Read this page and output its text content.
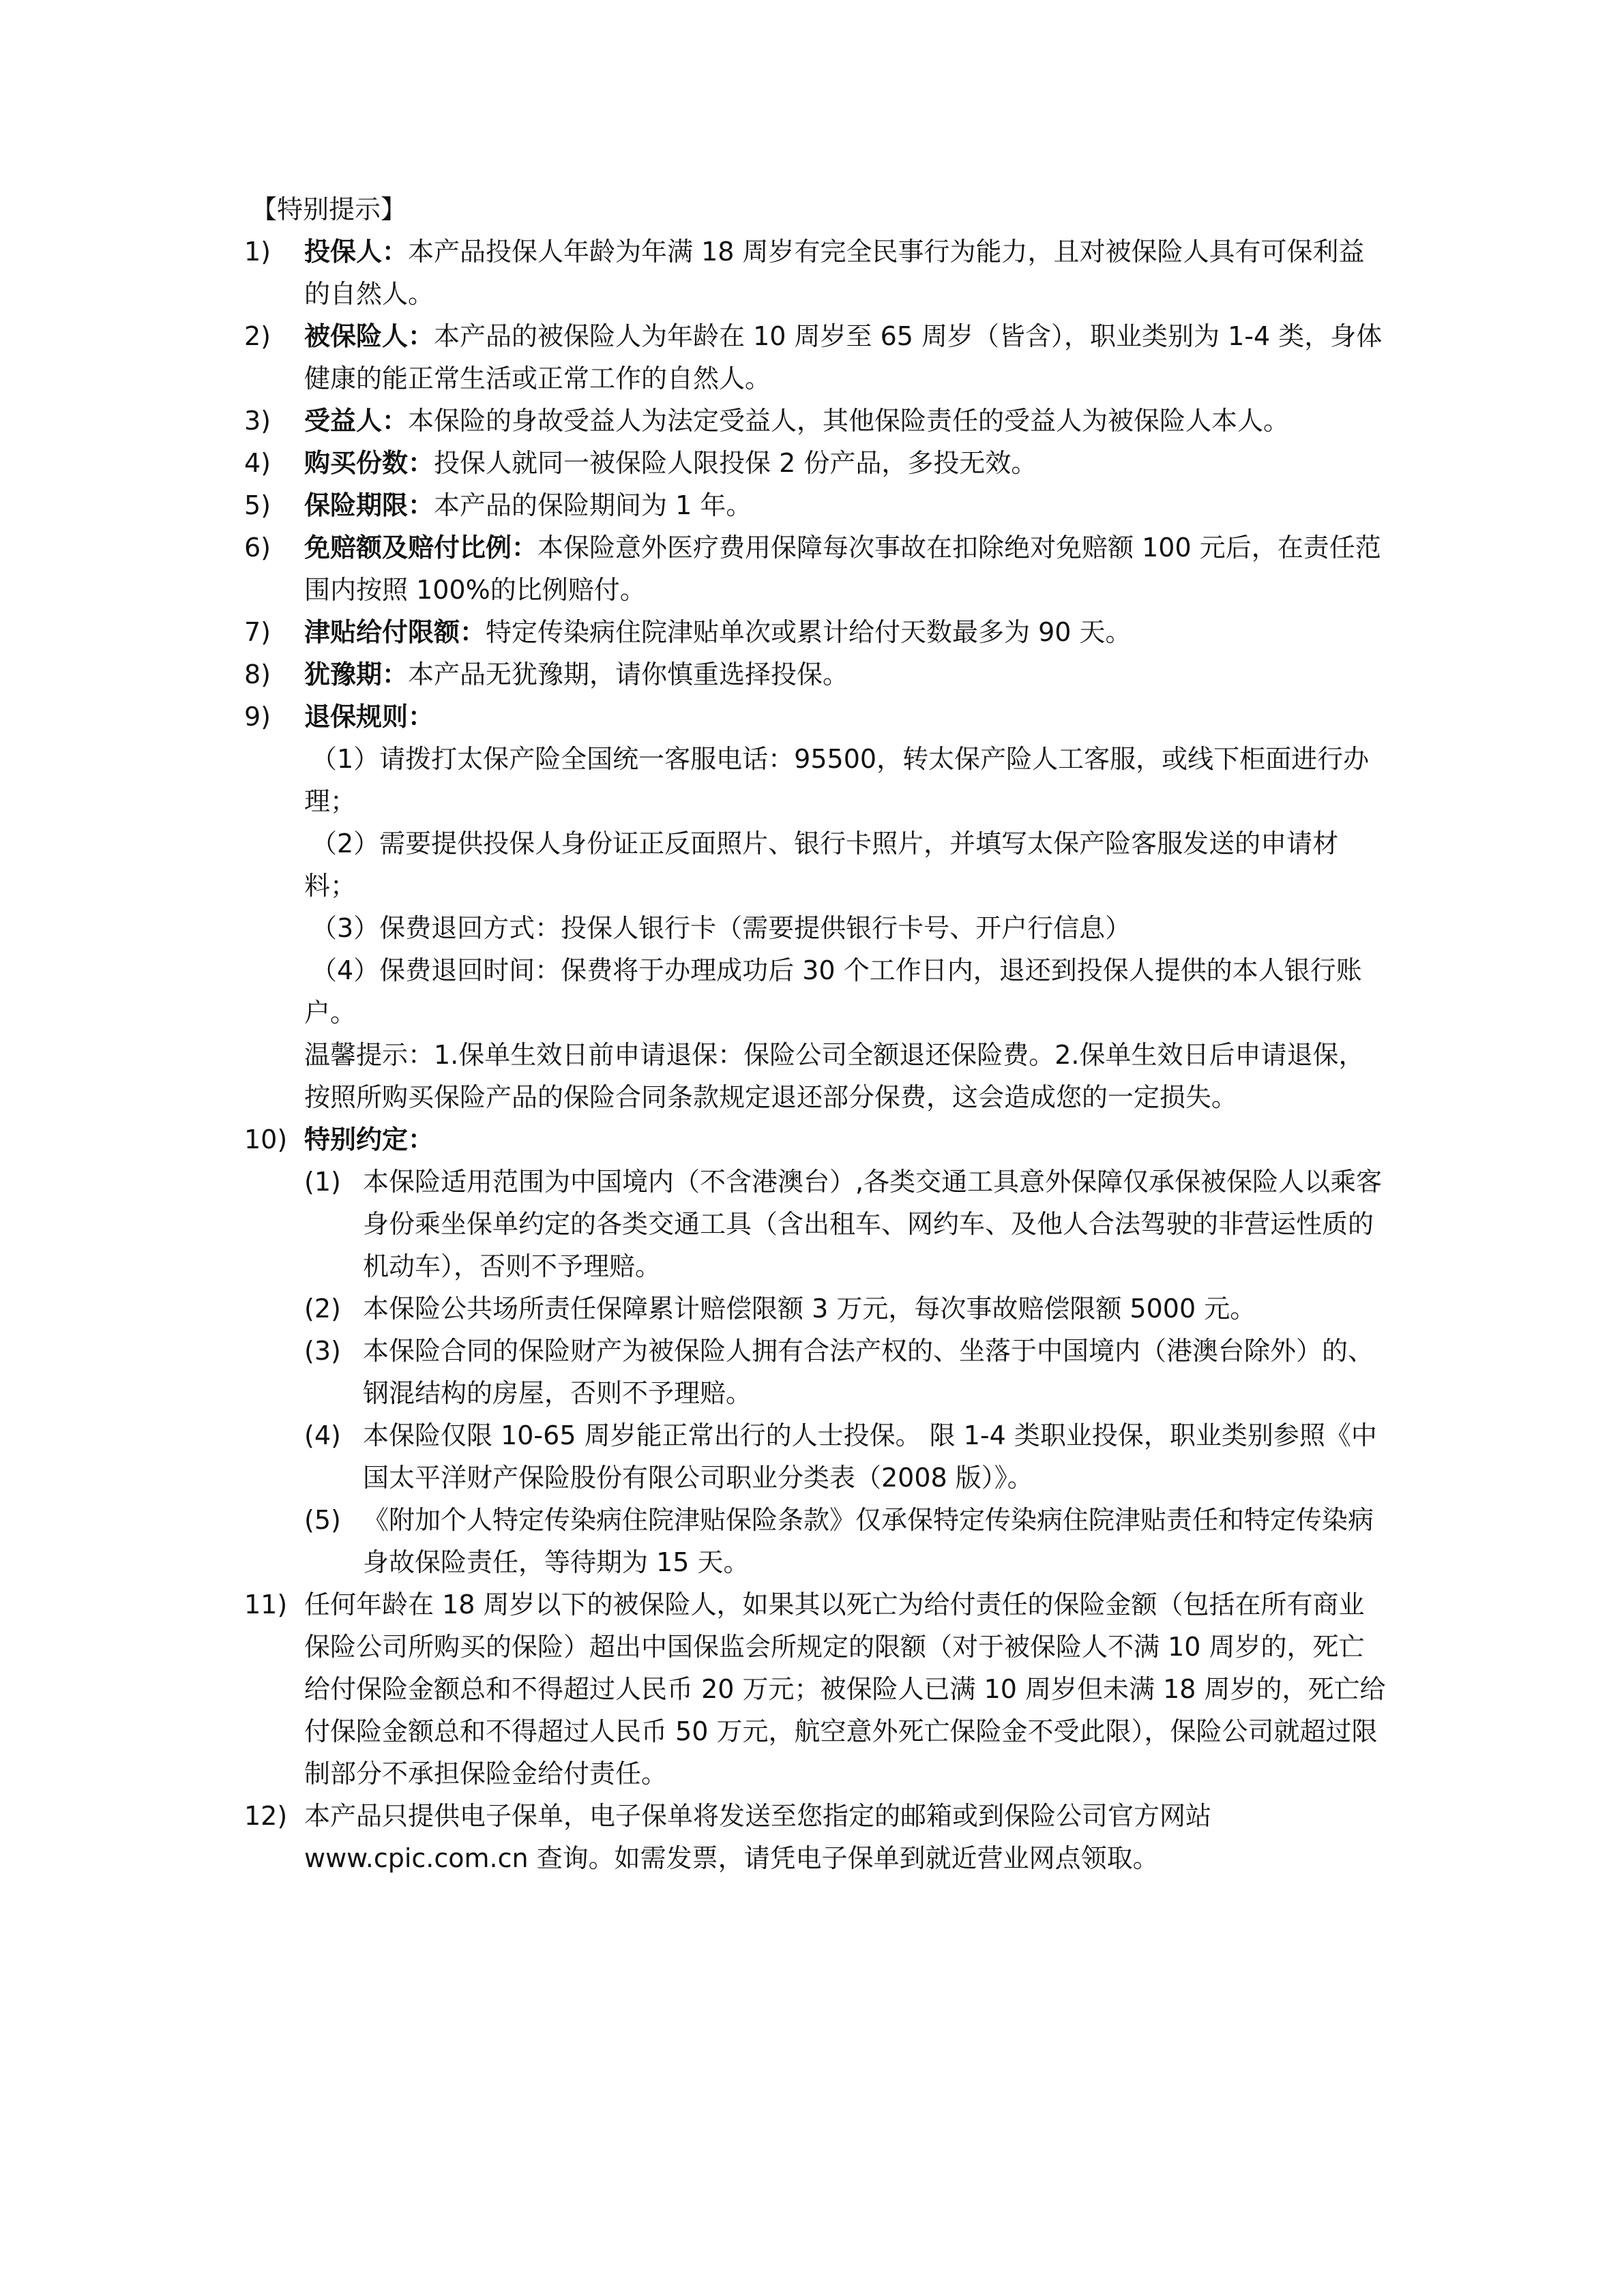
【特别提示】
1)	投保人：本产品投保人年龄为年满 18 周岁有完全民事行为能力，且对被保险人具有可保利益的自然人。
2)	被保险人：本产品的被保险人为年龄在 10 周岁至 65 周岁（皆含），职业类别为 1-4 类，身体健康的能正常生活或正常工作的自然人。
3)	受益人：本保险的身故受益人为法定受益人，其他保险责任的受益人为被保险人本人。
4)	购买份数：投保人就同一被保险人限投保 2 份产品，多投无效。
5)	保险期限：本产品的保险期间为 1 年。
6)	免赔额及赔付比例：本保险意外医疗费用保障每次事故在扣除绝对免赔额 100 元后，在责任范围内按照 100%的比例赔付。
7)	津贴给付限额：特定传染病住院津贴单次或累计给付天数最多为 90 天。
8)	犹豫期：本产品无犹豫期，请你慎重选择投保。
9)	退保规则：
（1）请拨打太保产险全国统一客服电话：95500，转太保产险人工客服，或线下柜面进行办理；
（2）需要提供投保人身份证正反面照片、银行卡照片，并填写太保产险客服发送的申请材料；
（3）保费退回方式：投保人银行卡（需要提供银行卡号、开户行信息）
（4）保费退回时间：保费将于办理成功后 30 个工作日内，退还到投保人提供的本人银行账户。
温馨提示：1.保单生效日前申请退保：保险公司全额退还保险费。2.保单生效日后申请退保，按照所购买保险产品的保险合同条款规定退还部分保费，这会造成您的一定损失。
10) 特别约定：
(1) 本保险适用范围为中国境内（不含港澳台）,各类交通工具意外保障仅承保被保险人以乘客身份乘坐保单约定的各类交通工具（含出租车、网约车、及他人合法驾驶的非营运性质的机动车），否则不予理赔。
(2) 本保险公共场所责任保障累计赔偿限额 3 万元，每次事故赔偿限额 5000 元。
(3) 本保险合同的保险财产为被保险人拥有合法产权的、坐落于中国境内（港澳台除外）的、钢混结构的房屋，否则不予理赔。
(4) 本保险仅限 10-65 周岁能正常出行的人士投保。 限 1-4 类职业投保，职业类别参照《中国太平洋财产保险股份有限公司职业分类表（2008 版）》。
(5) 《附加个人特定传染病住院津贴保险条款》仅承保特定传染病住院津贴责任和特定传染病身故保险责任，等待期为 15 天。
11) 任何年龄在 18 周岁以下的被保险人，如果其以死亡为给付责任的保险金额（包括在所有商业保险公司所购买的保险）超出中国保监会所规定的限额（对于被保险人不满 10 周岁的，死亡给付保险金额总和不得超过人民币 20 万元；被保险人已满 10 周岁但未满 18 周岁的，死亡给付保险金额总和不得超过人民币 50 万元，航空意外死亡保险金不受此限），保险公司就超过限制部分不承担保险金给付责任。
12) 本产品只提供电子保单，电子保单将发送至您指定的邮箱或到保险公司官方网站 www.cpic.com.cn 查询。如需发票，请凭电子保单到就近营业网点领取。
